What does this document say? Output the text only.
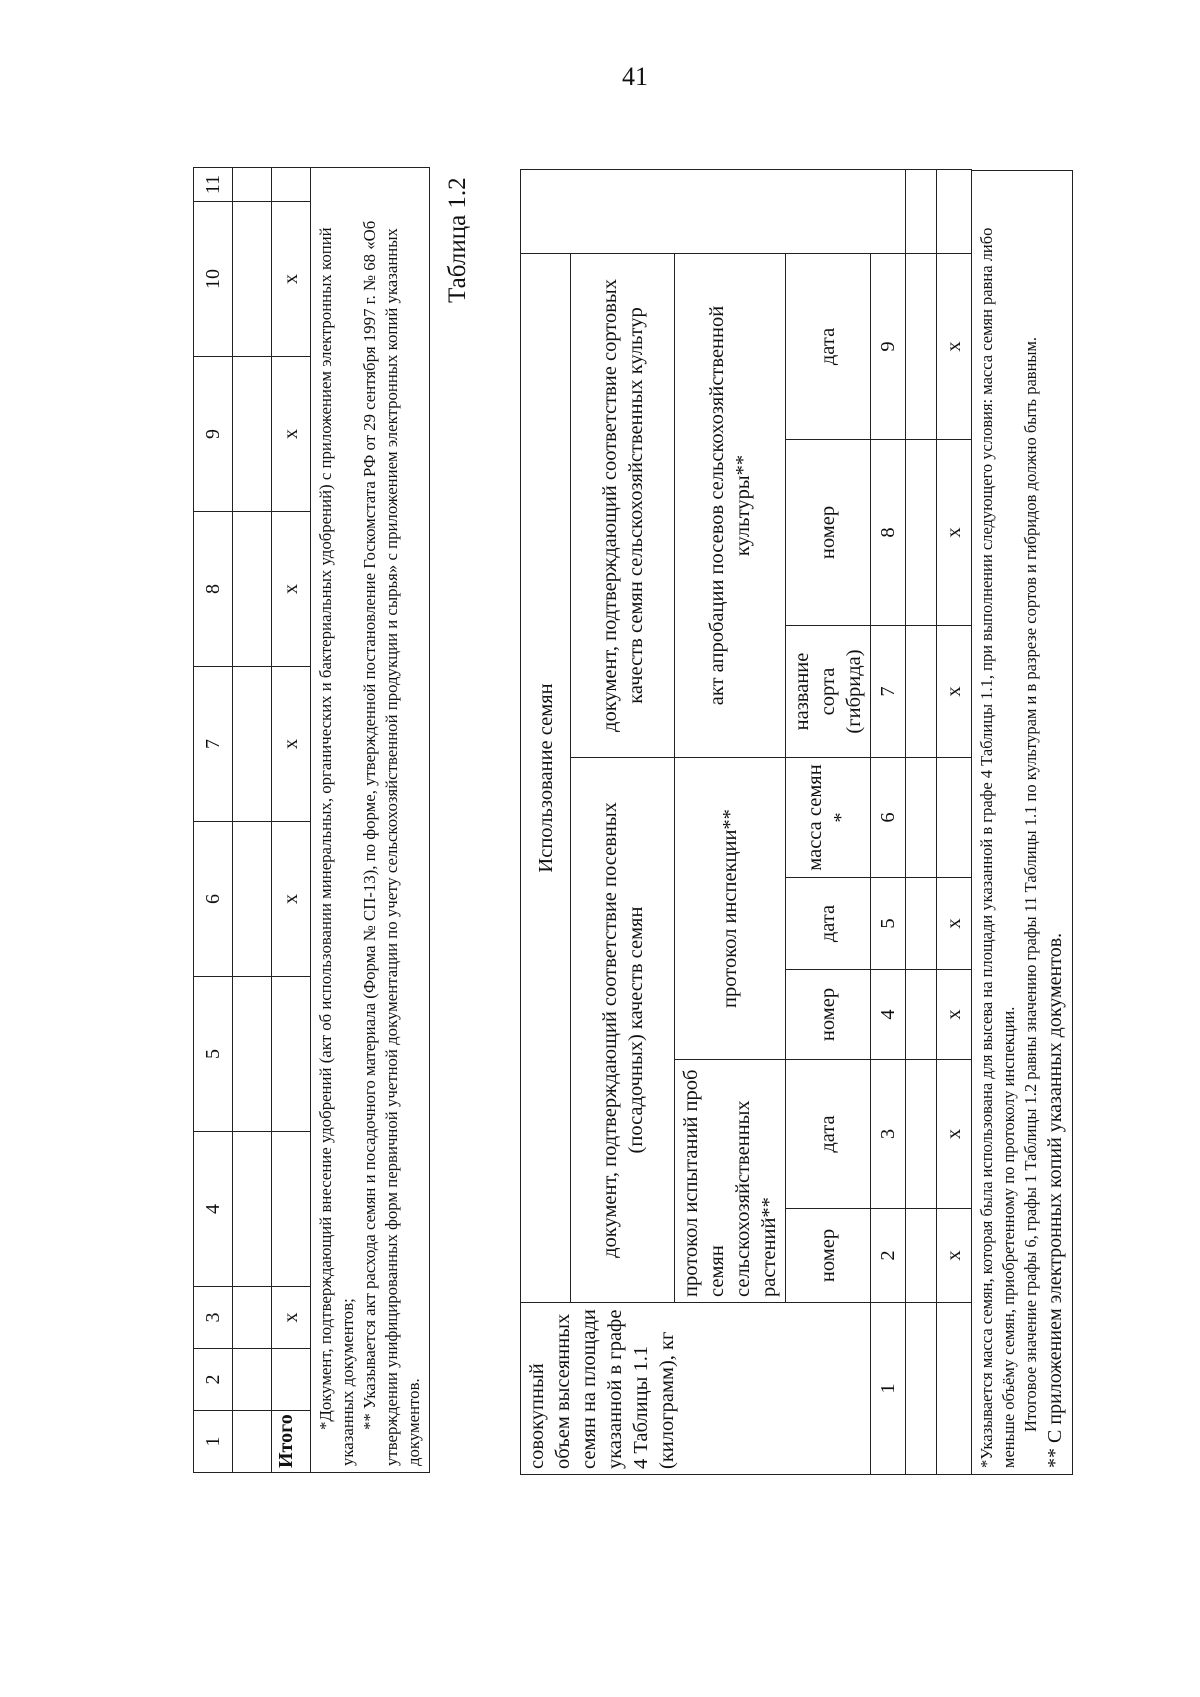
41
1	2	3	4	5	6	7	8	9	10	11

Итого		х			х	х	х	х	х	

*Документ, подтверждающий внесение удобрений (акт об использовании минеральных, органических и бактериальных удобрений) с приложением электронных копий указанных документов; ** Указывается акт расхода семян и посадочного материала (Форма № СП-13), по форме, утвержденной постановление Госкомстата РФ от 29 сентября 1997 г. № 68 «Об утверждении унифицированных форм первичной учетной документации по учету сельскохозяйственной продукции и сырья» с приложением электронных копий указанных документов.										

Таблица 1.2
совокупный объем высеянных семян на площади указанной в графе 4 Таблицы 1.1 (килограмм), кг	Использование семян								
	документ, подтверждающий соответствие посевных (посадочных) качеств семян					документ, подтверждающий соответствие сортовых качеств семян сельскохозяйственных культур			
	протокол испытаний проб семян сельскохозяйственных растений**		протокол инспекции**			акт апробации посевов сельскохозяйственной культуры**			
	номер	дата	номер	дата	масса семян *	название сорта (гибрида)	номер	дата	
1	2	3	4	5	6	7	8	9	

	х	х	х	х		х	х	х	*Указывается масса семян, которая была использована для высева на площади указанной в графе 4 Таблицы 1.1, при выполнении следующего условия: масса семян равна либо меньше объёму семян, приобретенному по протоколу инспекции. Итоговое значение графы 6, графы 1 Таблицы 1.2 равны значению графы 11 Таблицы 1.1 по культурам и в разрезе сортов и гибридов должно быть равным. ** С приложением электронных копий указанных документов.
